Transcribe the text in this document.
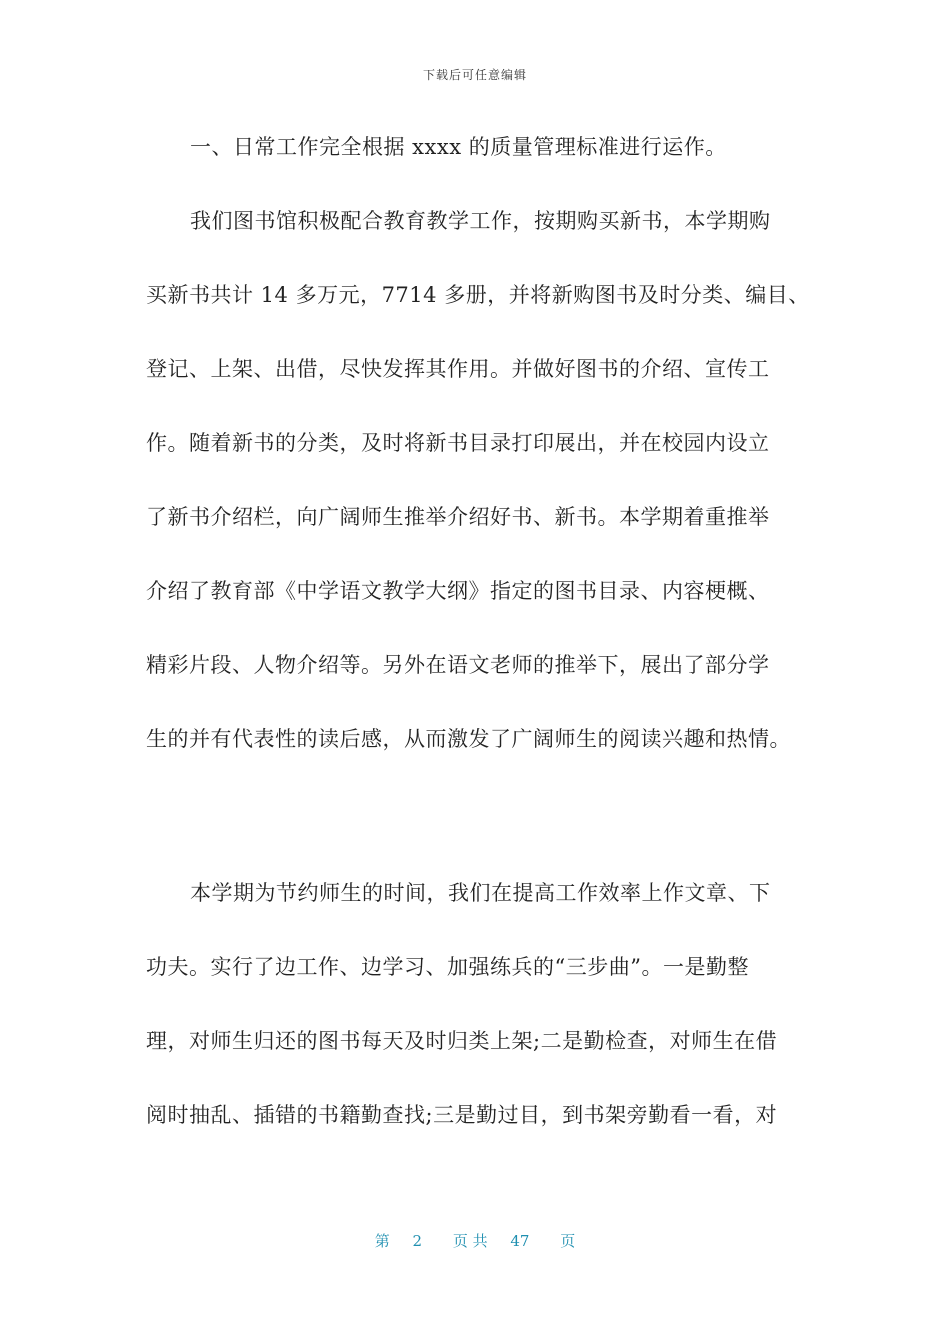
下载后可任意编辑
一、日常工作完全根据 xxxx 的质量管理标准进行运作。
我们图书馆积极配合教育教学工作，按期购买新书，本学期购
买新书共计 14 多万元，7714 多册，并将新购图书及时分类、编目、
登记、上架、出借，尽快发挥其作用。并做好图书的介绍、宣传工
作。随着新书的分类，及时将新书目录打印展出，并在校园内设立
了新书介绍栏，向广阔师生推举介绍好书、新书。本学期着重推举
介绍了教育部《中学语文教学大纲》指定的图书目录、内容梗概、
精彩片段、人物介绍等。另外在语文老师的推举下，展出了部分学
生的并有代表性的读后感，从而激发了广阔师生的阅读兴趣和热情。
本学期为节约师生的时间，我们在提高工作效率上作文章、下
功夫。实行了边工作、边学习、加强练兵的“三步曲”。一是勤整
理，对师生归还的图书每天及时归类上架;二是勤检查，对师生在借
阅时抽乱、插错的书籍勤查找;三是勤过目，到书架旁勤看一看，对
第 2 页 共 47 页
